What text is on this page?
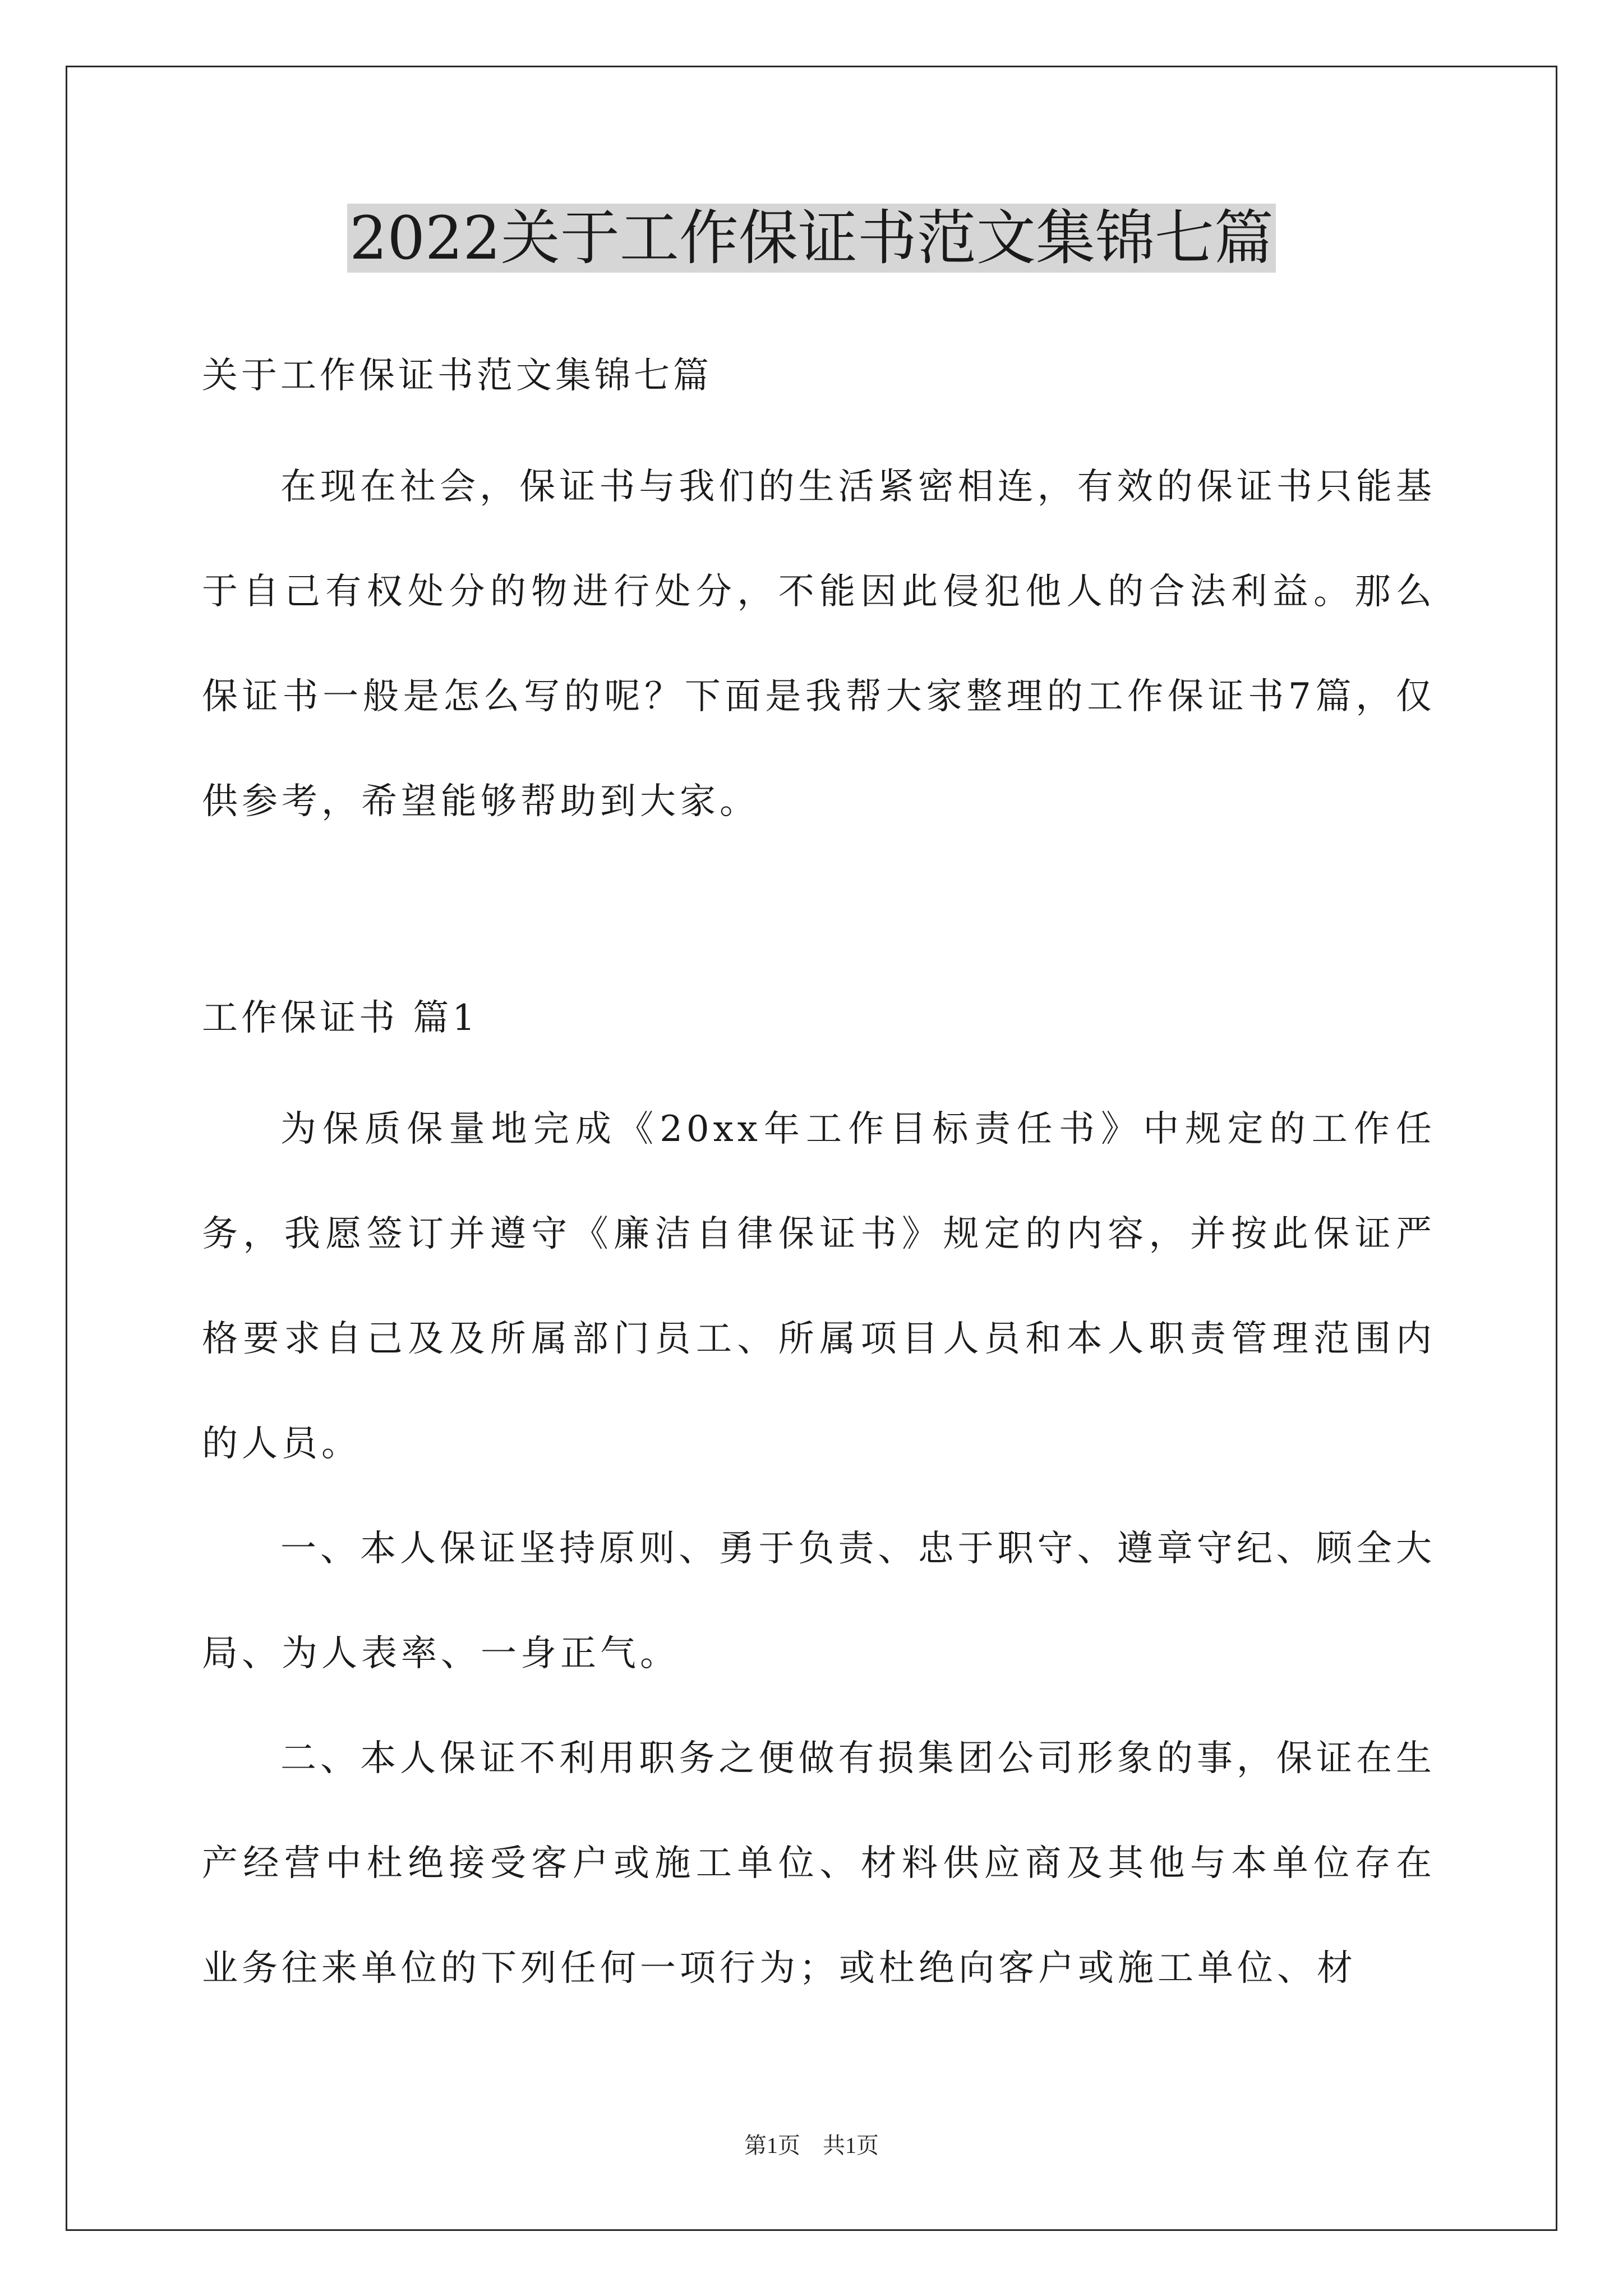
2022关于工作保证书范文集锦七篇
关于工作保证书范文集锦七篇

在现在社会，保证书与我们的生活紧密相连，有效的保证书只能基于自己有权处分的物进行处分，不能因此侵犯他人的合法利益。那么保证书一般是怎么写的呢？下面是我帮大家整理的工作保证书7篇，仅供参考，希望能够帮助到大家。

工作保证书 篇1

为保质保量地完成《20xx年工作目标责任书》中规定的工作任务，我愿签订并遵守《廉洁自律保证书》规定的内容，并按此保证严格要求自己及及所属部门员工、所属项目人员和本人职责管理范围内的人员。

一、本人保证坚持原则、勇于负责、忠于职守、遵章守纪、顾全大局、为人表率、一身正气。

二、本人保证不利用职务之便做有损集团公司形象的事，保证在生产经营中杜绝接受客户或施工单位、材料供应商及其他与本单位存在业务往来单位的下列任何一项行为；或杜绝向客户或施工单位、材

第1页　共1页
